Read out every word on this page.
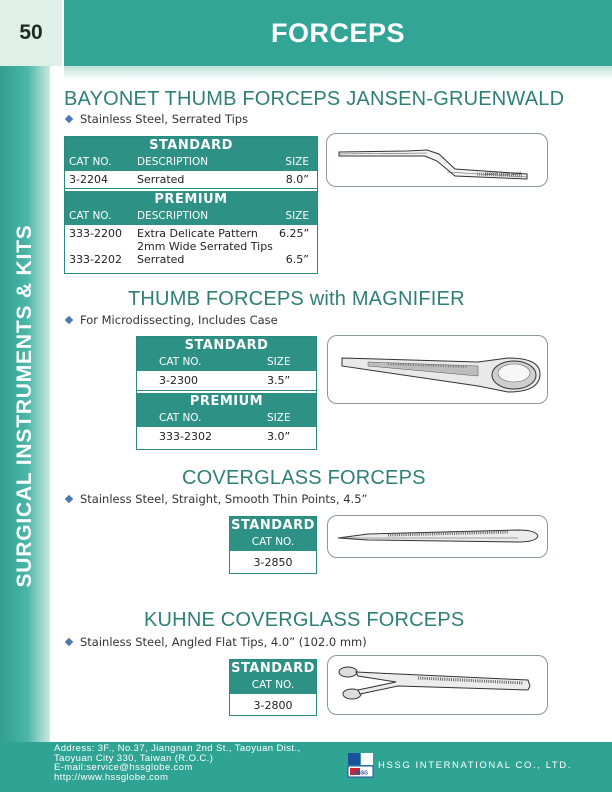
50	FORCEPS
SURGICAL INSTRUMENTS & KITS
BAYONET THUMB FORCEPS JANSEN-GRUENWALD
Stainless Steel, Serrated Tips
STANDARD
CAT NO.	DESCRIPTION	SIZE
3-2204	Serrated	8.0”
PREMIUM
CAT NO.	DESCRIPTION	SIZE
333-2200	Extra Delicate Pattern	6.25”
2mm Wide Serrated Tips
333-2202	Serrated	6.5”
Jansen Gruenwald
THUMB FORCEPS with MAGNIFIER
For Microdissecting, Includes Case
STANDARD
CAT NO.	SIZE
3-2300	3.5”
PREMIUM
CAT NO.	SIZE
333-2302	3.0”
COVERGLASS FORCEPS
Stainless Steel, Straight, Smooth Thin Points, 4.5”
STANDARD
CAT NO.
3-2850
KUHNE COVERGLASS FORCEPS
Stainless Steel, Angled Flat Tips, 4.0” (102.0 mm)
STANDARD
CAT NO.
3-2800
Address: 3F., No.37, Jiangnan 2nd St., Taoyuan Dist.,
Taoyuan City 330, Taiwan (R.O.C.)
E-mail:service@hssglobe.com
http://www.hssglobe.com	HSSG
HSSG INTERNATIONAL CO., LTD.
